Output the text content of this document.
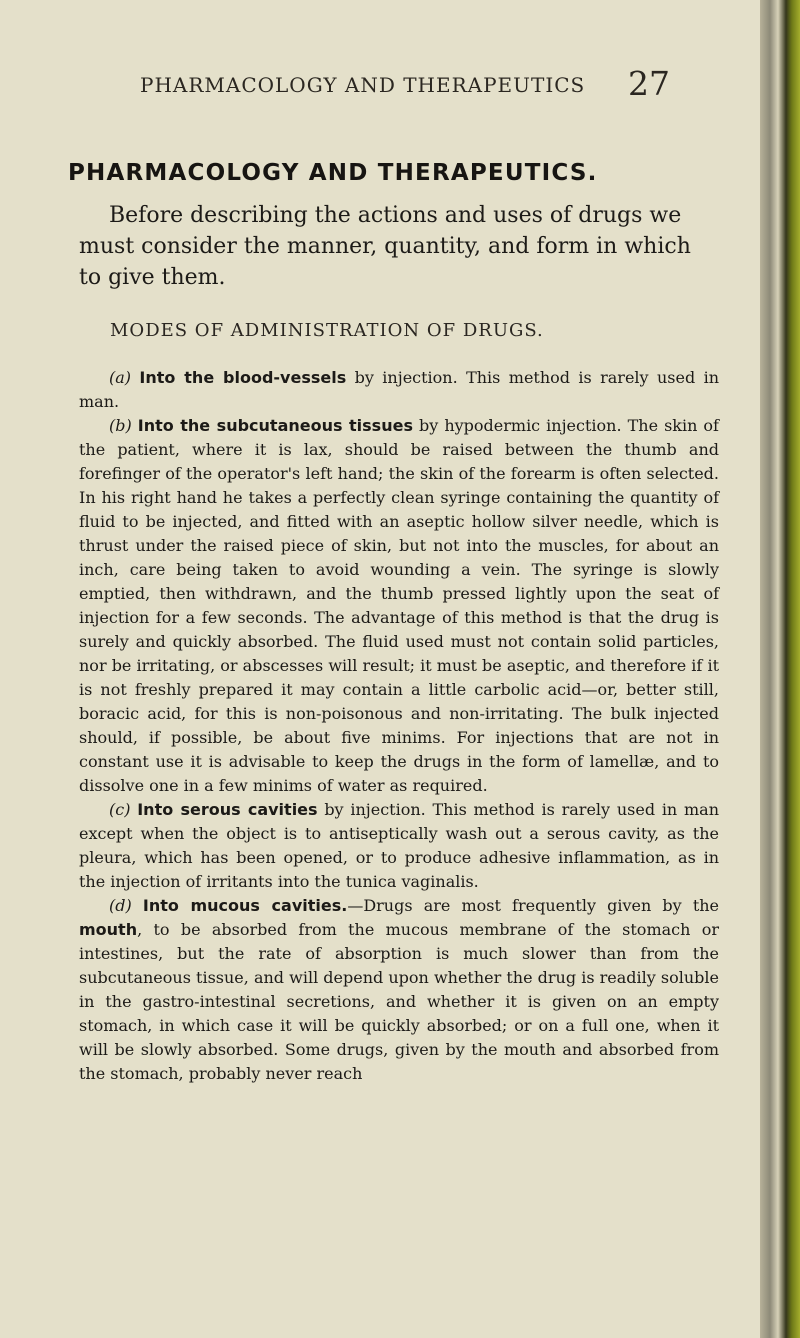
PHARMACOLOGY AND THERAPEUTICS 27
PHARMACOLOGY AND THERAPEUTICS.

Before describing the actions and uses of drugs we must consider the manner, quantity, and form in which to give them.

MODES OF ADMINISTRATION OF DRUGS.

(a) Into the blood-vessels by injection. This method is rarely used in man.

(b) Into the subcutaneous tissues by hypodermic injection. The skin of the patient, where it is lax, should be raised between the thumb and forefinger of the operator's left hand; the skin of the forearm is often selected. In his right hand he takes a perfectly clean syringe containing the quantity of fluid to be injected, and fitted with an aseptic hollow silver needle, which is thrust under the raised piece of skin, but not into the muscles, for about an inch, care being taken to avoid wounding a vein. The syringe is slowly emptied, then withdrawn, and the thumb pressed lightly upon the seat of injection for a few seconds. The advantage of this method is that the drug is surely and quickly absorbed. The fluid used must not contain solid particles, nor be irritating, or abscesses will result; it must be aseptic, and therefore if it is not freshly prepared it may contain a little carbolic acid—or, better still, boracic acid, for this is non-poisonous and non-irritating. The bulk injected should, if possible, be about five minims. For injections that are not in constant use it is advisable to keep the drugs in the form of lamellæ, and to dissolve one in a few minims of water as required.

(c) Into serous cavities by injection. This method is rarely used in man except when the object is to antiseptically wash out a serous cavity, as the pleura, which has been opened, or to produce adhesive inflammation, as in the injection of irritants into the tunica vaginalis.

(d) Into mucous cavities.—Drugs are most frequently given by the mouth, to be absorbed from the mucous membrane of the stomach or intestines, but the rate of absorption is much slower than from the subcutaneous tissue, and will depend upon whether the drug is readily soluble in the gastro-intestinal secretions, and whether it is given on an empty stomach, in which case it will be quickly absorbed; or on a full one, when it will be slowly absorbed. Some drugs, given by the mouth and absorbed from the stomach, probably never reach
